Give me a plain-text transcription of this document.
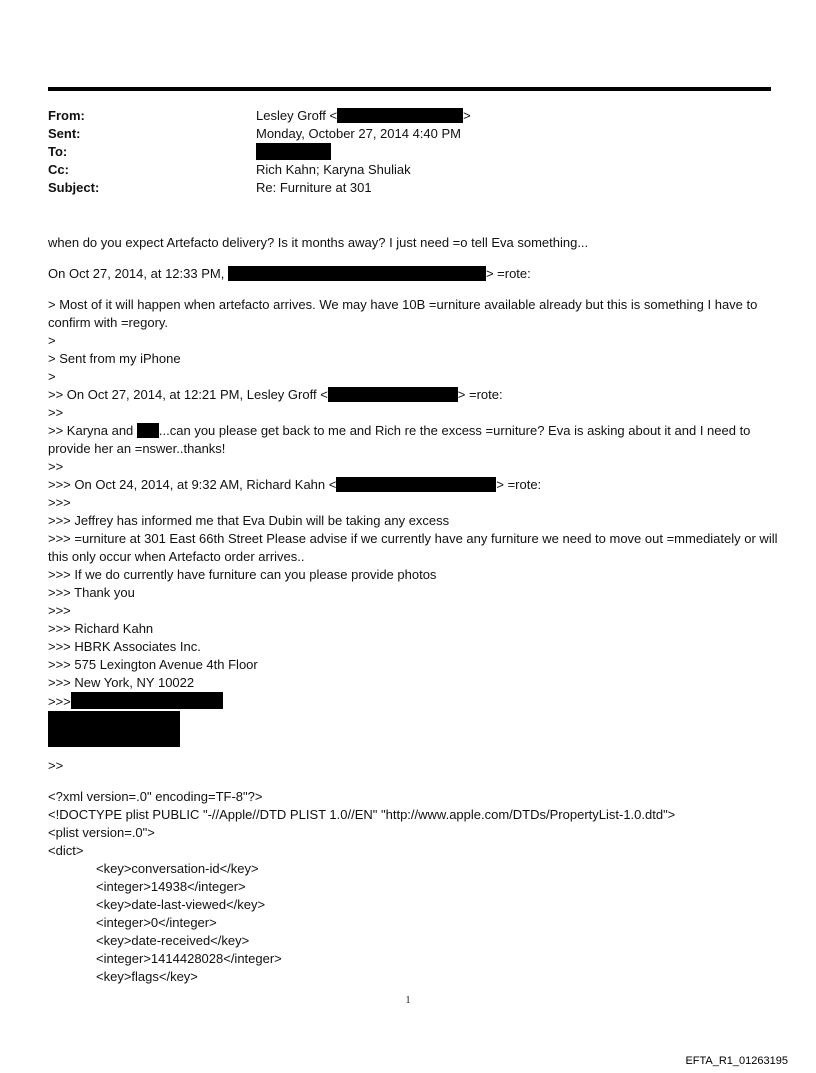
From:	Lesley Groff <	>
Sent:	Monday, October 27, 2014 4:40 PM
To:
Cc:	Rich Kahn; Karyna Shuliak
Subject:	Re: Furniture at 301
when do you expect Artefacto delivery? Is it months away? I just need =o tell Eva something...
On Oct 27, 2014, at 12:33 PM,	> =rote:
> Most of it will happen when artefacto arrives. We may have 10B =urniture available already but this is something I have to confirm with =regory.
>
> Sent from my iPhone
>
>> On Oct 27, 2014, at 12:21 PM, Lesley Groff <	> =rote:
>>
>> Karyna and ...can you please get back to me and Rich re the excess =urniture? Eva is asking about it and I need to provide her an =nswer..thanks!
>>
>>> On Oct 24, 2014, at 9:32 AM, Richard Kahn <	> =rote:
>>>
>>> Jeffrey has informed me that Eva Dubin will be taking any excess
>>> =urniture at 301 East 66th Street Please advise if we currently have any furniture we need to move out =mmediately or will this only occur when Artefacto order arrives..
>>> If we do currently have furniture can you please provide photos
>>> Thank you
>>>
>>> Richard Kahn
>>> HBRK Associates Inc.
>>> 575 Lexington Avenue 4th Floor
>>> New York, NY 10022
>>>
>>
<?xml version=.0" encoding=TF-8"?>
<!DOCTYPE plist PUBLIC "-//Apple//DTD PLIST 1.0//EN" "http://www.apple.com/DTDs/PropertyList-1.0.dtd">
<plist version=.0">
<dict>
<key>conversation-id</key>
<integer>14938</integer>
<key>date-last-viewed</key>
<integer>0</integer>
<key>date-received</key>
<integer>1414428028</integer>
<key>flags</key>
1
EFTA_R1_01263195
